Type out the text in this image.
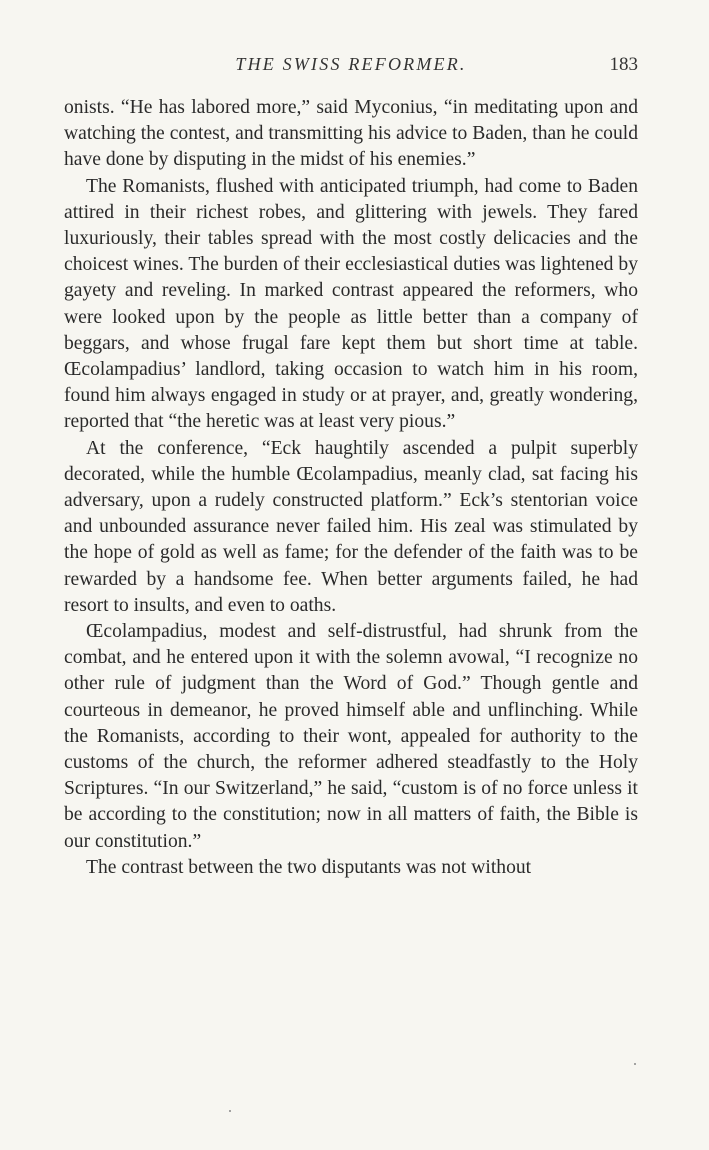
THE SWISS REFORMER.	183

onists. “He has labored more,” said Myconius, “in meditating upon and watching the contest, and transmitting his advice to Baden, than he could have done by disputing in the midst of his enemies.”

The Romanists, flushed with anticipated triumph, had come to Baden attired in their richest robes, and glittering with jewels. They fared luxuriously, their tables spread with the most costly delicacies and the choicest wines. The burden of their ecclesiastical duties was lightened by gayety and reveling. In marked contrast appeared the reformers, who were looked upon by the people as little better than a company of beggars, and whose frugal fare kept them but short time at table. Œcolampadius’ landlord, taking occasion to watch him in his room, found him always engaged in study or at prayer, and, greatly wondering, reported that “the heretic was at least very pious.”

At the conference, “Eck haughtily ascended a pulpit superbly decorated, while the humble Œcolampadius, meanly clad, sat facing his adversary, upon a rudely constructed platform.” Eck’s stentorian voice and unbounded assurance never failed him. His zeal was stimulated by the hope of gold as well as fame; for the defender of the faith was to be rewarded by a handsome fee. When better arguments failed, he had resort to insults, and even to oaths.

Œcolampadius, modest and self-distrustful, had shrunk from the combat, and he entered upon it with the solemn avowal, “I recognize no other rule of judgment than the Word of God.” Though gentle and courteous in demeanor, he proved himself able and unflinching. While the Romanists, according to their wont, appealed for authority to the customs of the church, the reformer adhered steadfastly to the Holy Scriptures. “In our Switzerland,” he said, “custom is of no force unless it be according to the constitution; now in all matters of faith, the Bible is our constitution.”

The contrast between the two disputants was not without
